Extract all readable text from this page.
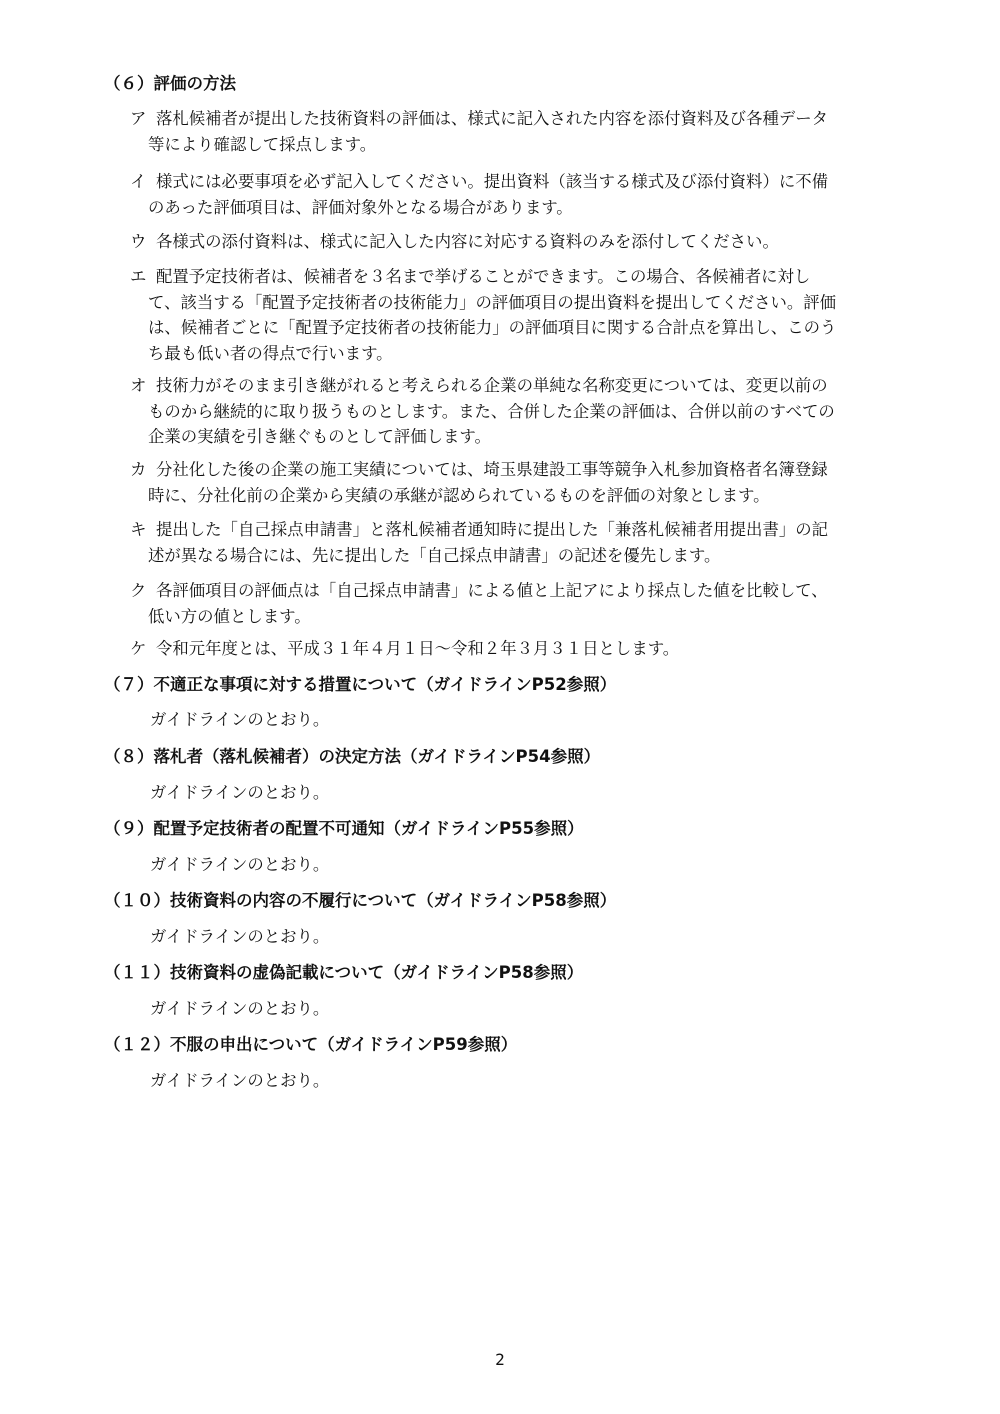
（６）評価の方法
ア 落札候補者が提出した技術資料の評価は、様式に記入された内容を添付資料及び各種データ
等により確認して採点します。
イ 様式には必要事項を必ず記入してください。提出資料（該当する様式及び添付資料）に不備
のあった評価項目は、評価対象外となる場合があります。
ウ 各様式の添付資料は、様式に記入した内容に対応する資料のみを添付してください。
エ 配置予定技術者は、候補者を３名まで挙げることができます。この場合、各候補者に対し
て、該当する「配置予定技術者の技術能力」の評価項目の提出資料を提出してください。評価
は、候補者ごとに「配置予定技術者の技術能力」の評価項目に関する合計点を算出し、このう
ち最も低い者の得点で行います。
オ 技術力がそのまま引き継がれると考えられる企業の単純な名称変更については、変更以前の
ものから継続的に取り扱うものとします。また、合併した企業の評価は、合併以前のすべての
企業の実績を引き継ぐものとして評価します。
カ 分社化した後の企業の施工実績については、埼玉県建設工事等競争入札参加資格者名簿登録
時に、分社化前の企業から実績の承継が認められているものを評価の対象とします。
キ 提出した「自己採点申請書」と落札候補者通知時に提出した「兼落札候補者用提出書」の記
述が異なる場合には、先に提出した「自己採点申請書」の記述を優先します。
ク 各評価項目の評価点は「自己採点申請書」による値と上記アにより採点した値を比較して、
低い方の値とします。
ケ 令和元年度とは、平成３１年４月１日～令和２年３月３１日とします。
（７）不適正な事項に対する措置について（ガイドラインP52参照）
ガイドラインのとおり。
（８）落札者（落札候補者）の決定方法（ガイドラインP54参照）
ガイドラインのとおり。
（９）配置予定技術者の配置不可通知（ガイドラインP55参照）
ガイドラインのとおり。
（１０）技術資料の内容の不履行について（ガイドラインP58参照）
ガイドラインのとおり。
（１１）技術資料の虚偽記載について（ガイドラインP58参照）
ガイドラインのとおり。
（１２）不服の申出について（ガイドラインP59参照）
ガイドラインのとおり。
2
